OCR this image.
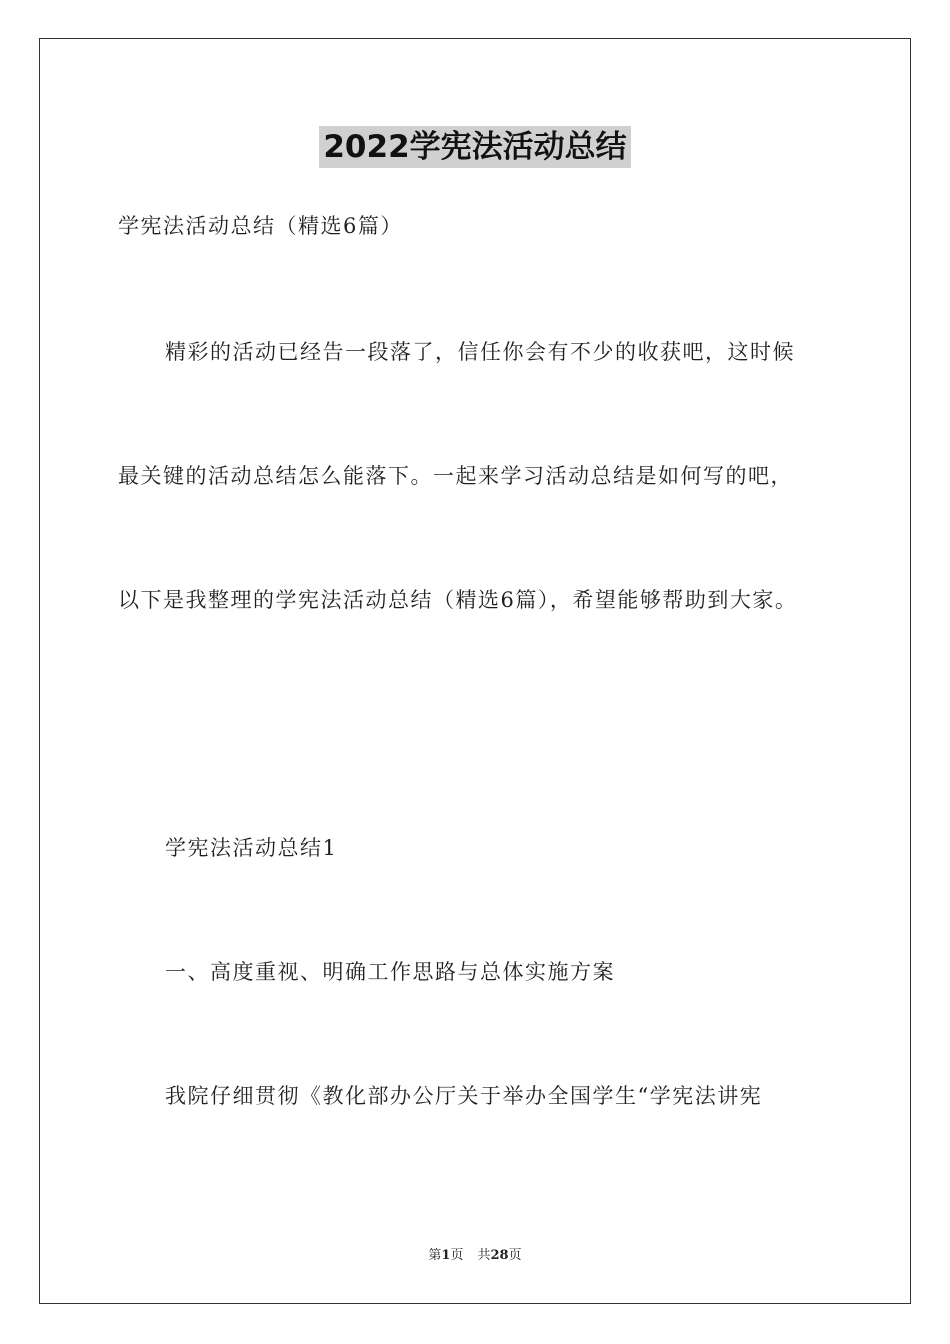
2022学宪法活动总结
学宪法活动总结（精选6篇）
精彩的活动已经告一段落了，信任你会有不少的收获吧，这时候
最关键的活动总结怎么能落下。一起来学习活动总结是如何写的吧，
以下是我整理的学宪法活动总结（精选6篇），希望能够帮助到大家。
学宪法活动总结1
一、高度重视、明确工作思路与总体实施方案
我院仔细贯彻《教化部办公厅关于举办全国学生“学宪法讲宪
第1页 共28页
